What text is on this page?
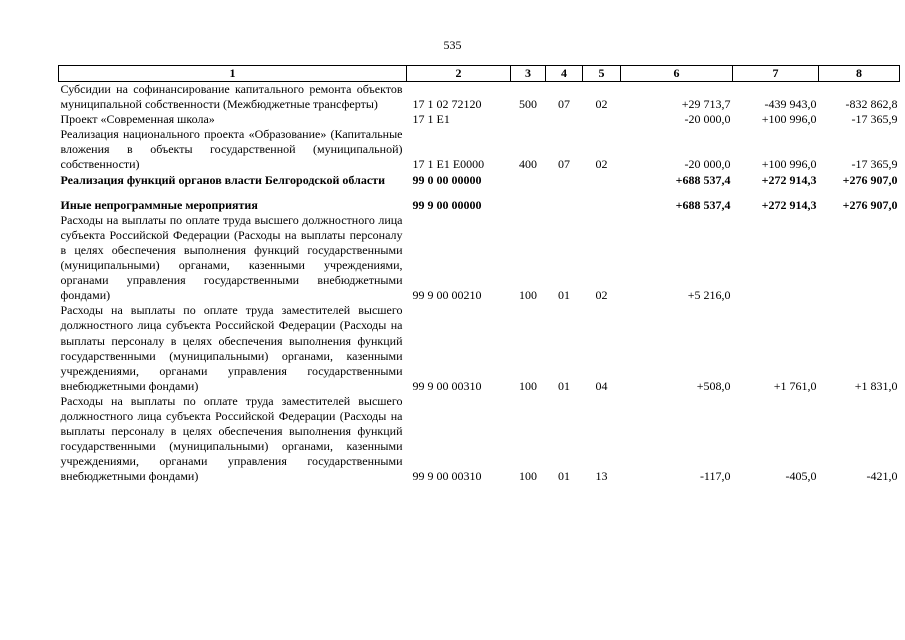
535
1	2	3	4	5	6	7	8
Субсидии на софинансирование капитального ремонта объектов муниципальной собственности (Межбюджетные трансферты)	17 1 02 72120	500	07	02	+29 713,7	-439 943,0	-832 862,8
Проект «Современная школа»	17 1 E1				-20 000,0	+100 996,0	-17 365,9
Реализация национального проекта «Образование» (Капитальные вложения в объекты государственной (муниципальной) собственности)	17 1 E1 E0000	400	07	02	-20 000,0	+100 996,0	-17 365,9
Реализация функций органов власти Белгородской области	99 0 00 00000				+688 537,4	+272 914,3	+276 907,0

Иные непрограммные мероприятия	99 9 00 00000				+688 537,4	+272 914,3	+276 907,0
Расходы на выплаты по оплате труда высшего должностного лица субъекта Российской Федерации (Расходы на выплаты персоналу в целях обеспечения выполнения функций государственными (муниципальными) органами, казенными учреждениями, органами управления государственными внебюджетными фондами)	99 9 00 00210	100	01	02	+5 216,0		
Расходы на выплаты по оплате труда заместителей высшего должностного лица субъекта Российской Федерации (Расходы на выплаты персоналу в целях обеспечения выполнения функций государственными (муниципальными) органами, казенными учреждениями, органами управления государственными внебюджетными фондами)	99 9 00 00310	100	01	04	+508,0	+1 761,0	+1 831,0
Расходы на выплаты по оплате труда заместителей высшего должностного лица субъекта Российской Федерации (Расходы на выплаты персоналу в целях обеспечения выполнения функций государственными (муниципальными) органами, казенными учреждениями, органами управления государственными внебюджетными фондами)	99 9 00 00310	100	01	13	-117,0	-405,0	-421,0
